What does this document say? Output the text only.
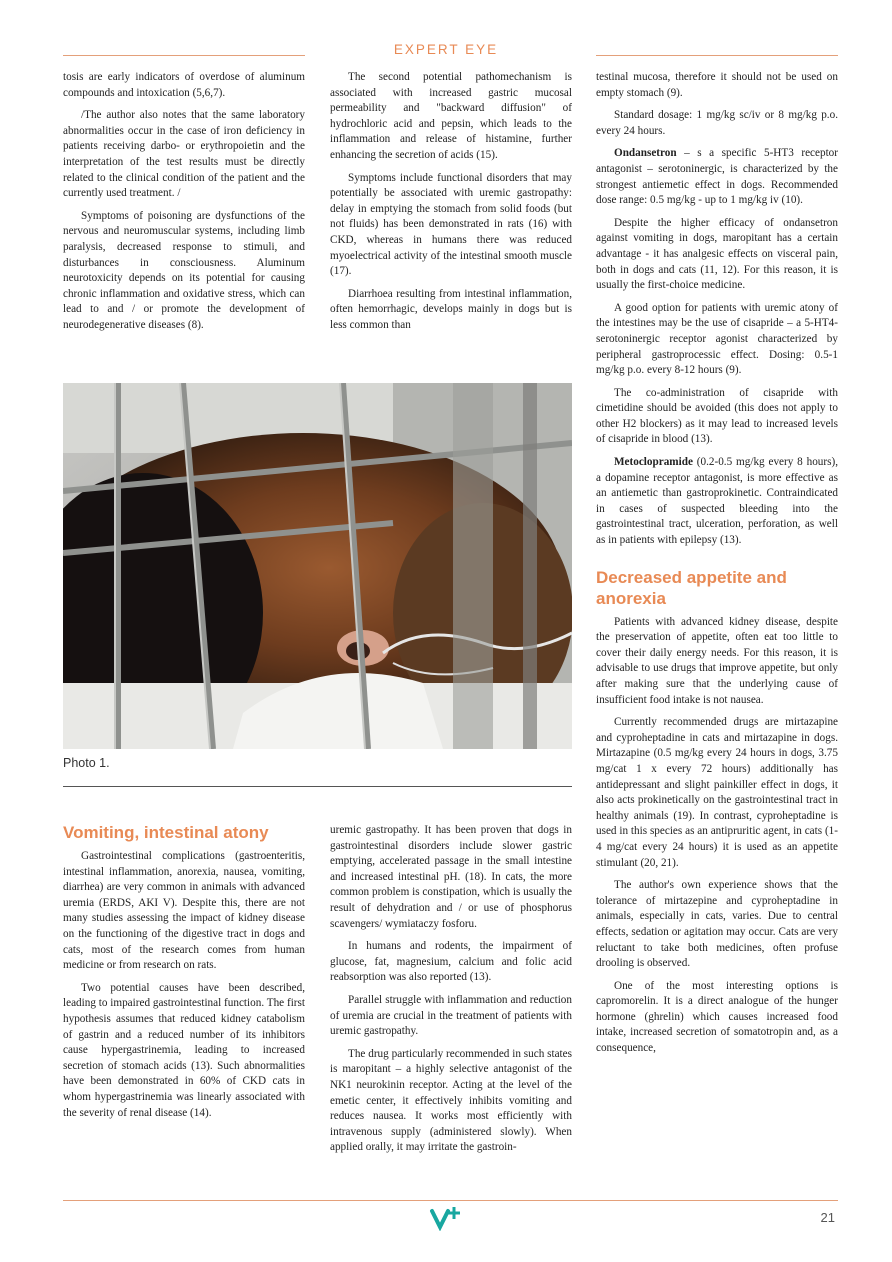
EXPERT EYE

tosis are early indicators of overdose of aluminum compounds and intoxication (5,6,7).

/The author also notes that the same laboratory abnormalities occur in the case of iron deficiency in patients receiving darbo- or erythropoietin and the interpretation of the test results must be directly related to the clinical condition of the patient and the currently used treatment. /

Symptoms of poisoning are dysfunctions of the nervous and neuromuscular systems, including limb paralysis, decreased response to stimuli, and disturbances in consciousness. Aluminum neurotoxicity depends on its potential for causing chronic inflammation and oxidative stress, which can lead to and / or promote the development of neurodegenerative diseases (8).

The second potential pathomechanism is associated with increased gastric mucosal permeability and "backward diffusion" of hydrochloric acid and pepsin, which leads to the inflammation and release of histamine, further enhancing the secretion of acids (15).

Symptoms include functional disorders that may potentially be associated with uremic gastropathy: delay in emptying the stomach from solid foods (but not fluids) has been demonstrated in rats (16) with CKD, whereas in humans there was reduced myoelectrical activity of the intestinal smooth muscle (17).

Diarrhoea resulting from intestinal inflammation, often hemorrhagic, develops mainly in dogs but is less common than

Photo 1.
Vomiting, intestinal atony

Gastrointestinal complications (gastroenteritis, intestinal inflammation, anorexia, nausea, vomiting, diarrhea) are very common in animals with advanced uremia (ERDS, AKI V). Despite this, there are not many studies assessing the impact of kidney disease on the functioning of the digestive tract in dogs and cats, most of the research comes from human medicine or from research on rats.

Two potential causes have been described, leading to impaired gastrointestinal function. The first hypothesis assumes that reduced kidney catabolism of gastrin and a reduced number of its inhibitors cause hypergastrinemia, leading to increased secretion of stomach acids (13). Such abnormalities have been demonstrated in 60% of CKD cats in whom hypergastrinemia was linearly associated with the severity of renal disease (14).

uremic gastropathy. It has been proven that dogs in gastrointestinal disorders include slower gastric emptying, accelerated passage in the small intestine and increased intestinal pH. (18). In cats, the more common problem is constipation, which is usually the result of dehydration and / or use of phosphorus scavengers/ wymiataczy fosforu.

In humans and rodents, the impairment of glucose, fat, magnesium, calcium and folic acid reabsorption was also reported (13).

Parallel struggle with inflammation and reduction of uremia are crucial in the treatment of patients with uremic gastropathy.

The drug particularly recommended in such states is maropitant – a highly selective antagonist of the NK1 neurokinin receptor. Acting at the level of the emetic center, it effectively inhibits vomiting and reduces nausea. It works most efficiently with intravenous supply (administered slowly). When applied orally, it may irritate the gastroin-

testinal mucosa, therefore it should not be used on empty stomach (9).

Standard dosage: 1 mg/kg sc/iv or 8 mg/kg p.o. every 24 hours.

Ondansetron – s a specific 5-HT3 receptor antagonist – serotoninergic, is characterized by the strongest antiemetic effect in dogs. Recommended dose range: 0.5 mg/kg - up to 1 mg/kg iv (10).

Despite the higher efficacy of ondansetron against vomiting in dogs, maropitant has a certain advantage - it has analgesic effects on visceral pain, both in dogs and cats (11, 12). For this reason, it is usually the first-choice medicine.

A good option for patients with uremic atony of the intestines may be the use of cisapride – a 5-HT4-serotoninergic receptor agonist characterized by peripheral gastroprocessic effect. Dosing: 0.5-1 mg/kg p.o. every 8-12 hours (9).

The co-administration of cisapride with cimetidine should be avoided (this does not apply to other H2 blockers) as it may lead to increased levels of cisapride in blood (13).

Metoclopramide (0.2-0.5 mg/kg every 8 hours), a dopamine receptor antagonist, is more effective as an antiemetic than gastroprokinetic. Contraindicated in cases of suspected bleeding into the gastrointestinal tract, ulceration, perforation, as well as in patients with epilepsy (13).

Decreased appetite and anorexia

Patients with advanced kidney disease, despite the preservation of appetite, often eat too little to cover their daily energy needs. For this reason, it is advisable to use drugs that improve appetite, but only after making sure that the underlying cause of insufficient food intake is not nausea.

Currently recommended drugs are mirtazapine and cyproheptadine in cats and mirtazapine in dogs. Mirtazapine (0.5 mg/kg every 24 hours in dogs, 3.75 mg/cat 1 x every 72 hours) additionally has antidepressant and slight painkiller effect in dogs, it also acts prokinetically on the gastrointestinal tract in healthy animals (19). In contrast, cyproheptadine is used in this species as an antipruritic agent, in cats (1-4 mg/cat every 24 hours) it is used as an appetite stimulant (20, 21).

The author's own experience shows that the tolerance of mirtazepine and cyproheptadine in animals, especially in cats, varies. Due to central effects, sedation or agitation may occur. Cats are very reluctant to take both medicines, often profuse drooling is observed.

One of the most interesting options is capromorelin. It is a direct analogue of the hunger hormone (ghrelin) which causes increased food intake, increased secretion of somatotropin and, as a consequence,

21
